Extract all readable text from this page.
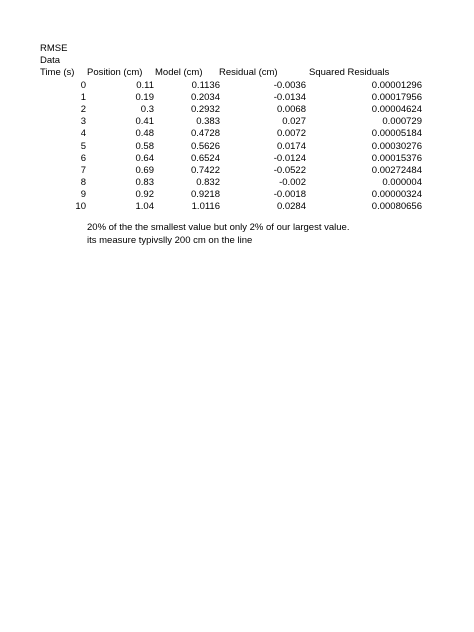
RMSE
Data
Time (s) Position (cm) Model (cm) Residual (cm)	Squared Residuals
0	0.11	0.1136	-0.0036	0.00001296
1	0.19	0.2034	-0.0134	0.00017956
2	0.3	0.2932	0.0068	0.00004624
3	0.41	0.383	0.027	0.000729
4	0.48	0.4728	0.0072	0.00005184
5	0.58	0.5626	0.0174	0.00030276
6	0.64	0.6524	-0.0124	0.00015376
7	0.69	0.7422	-0.0522	0.00272484
8	0.83	0.832	-0.002	0.000004
9	0.92	0.9218	-0.0018	0.00000324
10	1.04	1.0116	0.0284	0.00080656
20% of the the smallest value but only 2% of our largest value.
its measure typivslly 200 cm on the line
